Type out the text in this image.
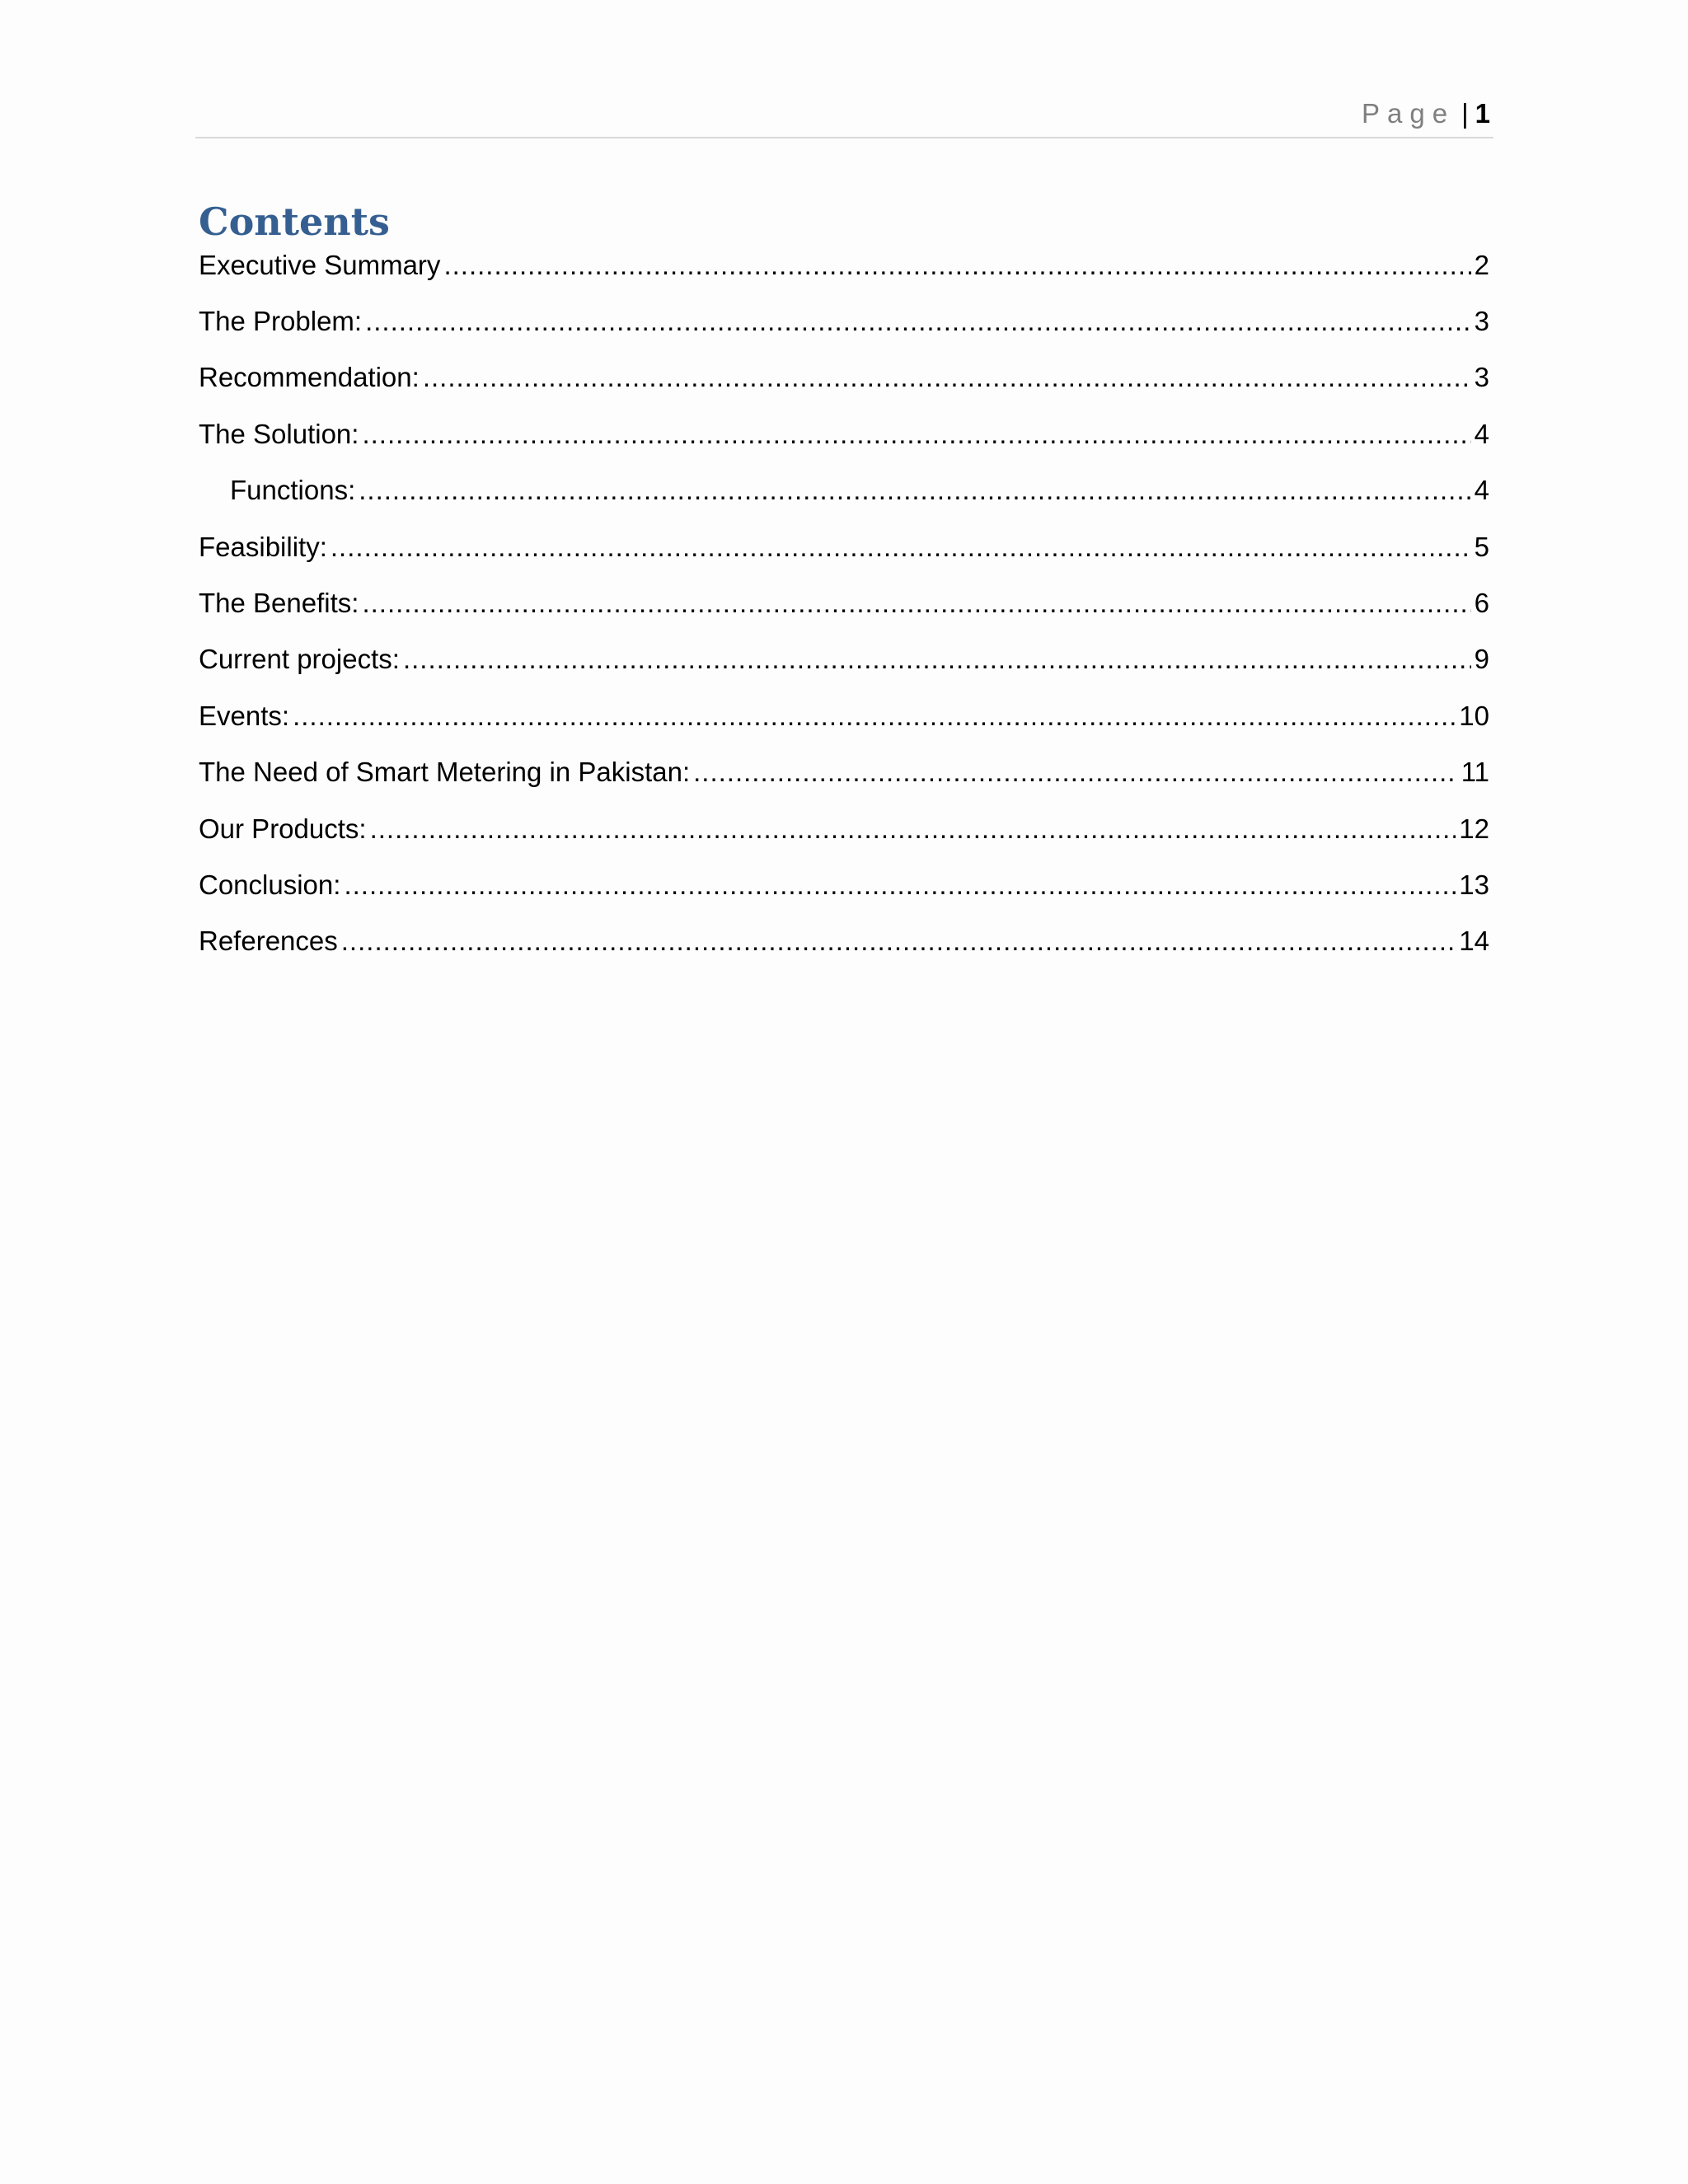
Page | 1
Contents
Executive Summary .....	2
The Problem: .....	3
Recommendation: .....	3
The Solution: .....	4
Functions: .....	4
Feasibility: .....	5
The Benefits: .....	6
Current projects: .....	9
Events: .....	10
The Need of Smart Metering in Pakistan: .....	11
Our Products: .....	12
Conclusion: .....	13
References .....	14
